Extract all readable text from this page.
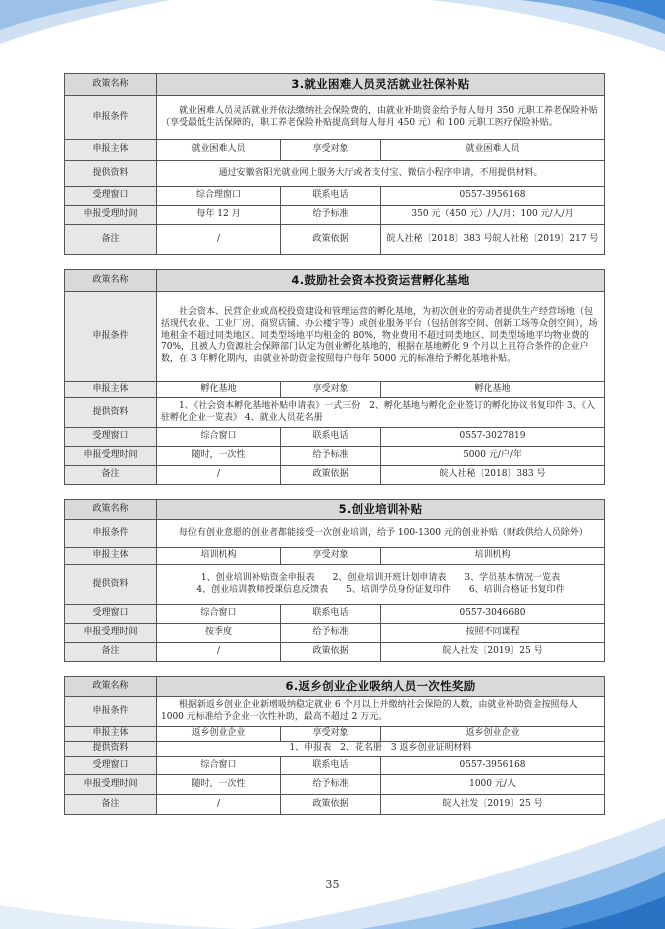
政策名称	3.就业困难人员灵活就业社保补贴		
申报条件	就业困难人员灵活就业并依法缴纳社会保险费的，由就业补助资金给予每人每月 350 元职工养老保险补贴（享受最低生活保障的，职工养老保险补贴提高到每人每月 450 元）和 100 元职工医疗保险补贴。		
申报主体	就业困难人员	享受对象	就业困难人员
提供资料	通过安徽省阳光就业网上服务大厅或者支付宝、微信小程序申请，不用提供材料。		
受理窗口	综合理窗口	联系电话	0557-3956168
申报受理时间	每年 12 月	给予标准	350 元（450 元）/人/月；100 元/人/月
备注	/	政策依据	皖人社秘〔2018〕383 号皖人社秘〔2019〕217 号
政策名称	4.鼓励社会资本投资运营孵化基地		
申报条件	社会资本、民营企业或高校投资建设和管理运营的孵化基地，为初次创业的劳动者提供生产经营场地（包括现代农业、工业厂房、商贸店铺、办公楼宇等）或创业服务平台（包括创客空间、创新工场等众创空间），场地租金不超过同类地区、同类型场地平均租金的 80%，物业费用不超过同类地区、同类型场地平均物业费的 70%，且被人力资源社会保障部门认定为创业孵化基地的，根据在基地孵化 9 个月以上且符合条件的企业户数，在 3 年孵化期内，由就业补助资金按照每户每年 5000 元的标准给予孵化基地补贴。		
申报主体	孵化基地	享受对象	孵化基地
提供资料	1、《社会资本孵化基地补贴申请表》一式三份　2、孵化基地与孵化企业签订的孵化协议书复印件 3、《入驻孵化企业一览表》 4、就业人员花名册		
受理窗口	综合窗口	联系电话	0557-3027819
申报受理时间	随时，一次性	给予标准	5000 元/户/年
备注	/	政策依据	皖人社秘〔2018〕383 号
政策名称	5.创业培训补贴		
申报条件	每位有创业意愿的创业者都能接受一次创业培训，给予 100-1300 元的创业补贴（财政供给人员除外）		
申报主体	培训机构	享受对象	培训机构
提供资料	1、创业培训补贴资金申报表　　2、创业培训开班计划申请表　　3、学员基本情况一览表
4、创业培训教师授课信息反馈表　　5、培训学员身份证复印件　　6、培训合格证书复印件		

受理窗口	综合窗口	联系电话	0557-3046680
申报受理时间	按季度	给予标准	按照不同课程
备注	/	政策依据	皖人社发〔2019〕25 号
政策名称	6.返乡创业企业吸纳人员一次性奖励		
申报条件	根据新返乡创业企业新增吸纳稳定就业 6 个月以上并缴纳社会保险的人数，由就业补助资金按照每人 1000 元标准给予企业一次性补助，最高不超过 2 万元。		
申报主体	返乡创业企业	享受对象	返乡创业企业
提供资料	1、申报表　2、花名册　3 返乡创业证明材料		
受理窗口	综合窗口	联系电话	0557-3956168
申报受理时间	随时，一次性	给予标准	1000 元/人
备注	/	政策依据	皖人社发〔2019〕25 号
35
